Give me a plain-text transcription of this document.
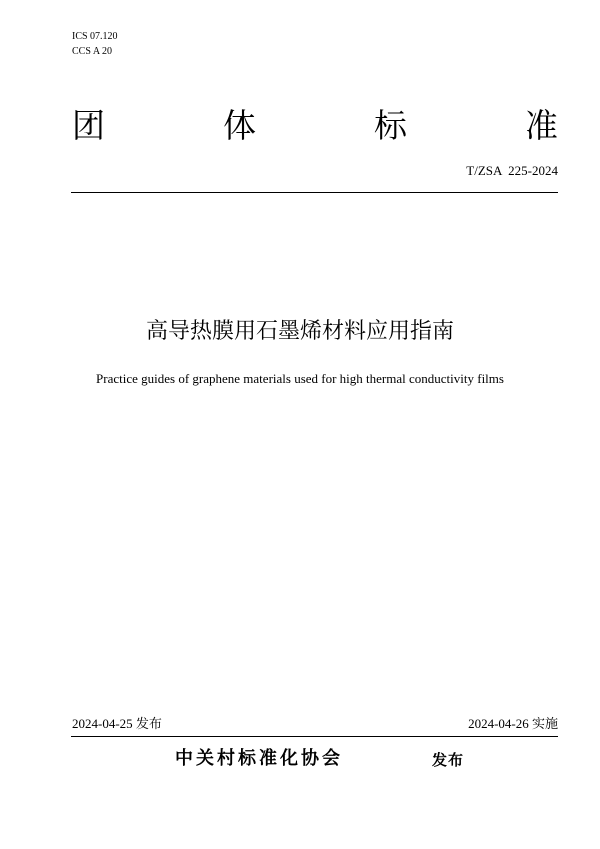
ICS 07.120
CCS A 20
团	体	标	准
T/ZSA  225-2024
高导热膜用石墨烯材料应用指南
Practice guides of graphene materials used for high thermal conductivity films
2024-04-25 发布	2024-04-26 实施
中关村标准化协会	发布
